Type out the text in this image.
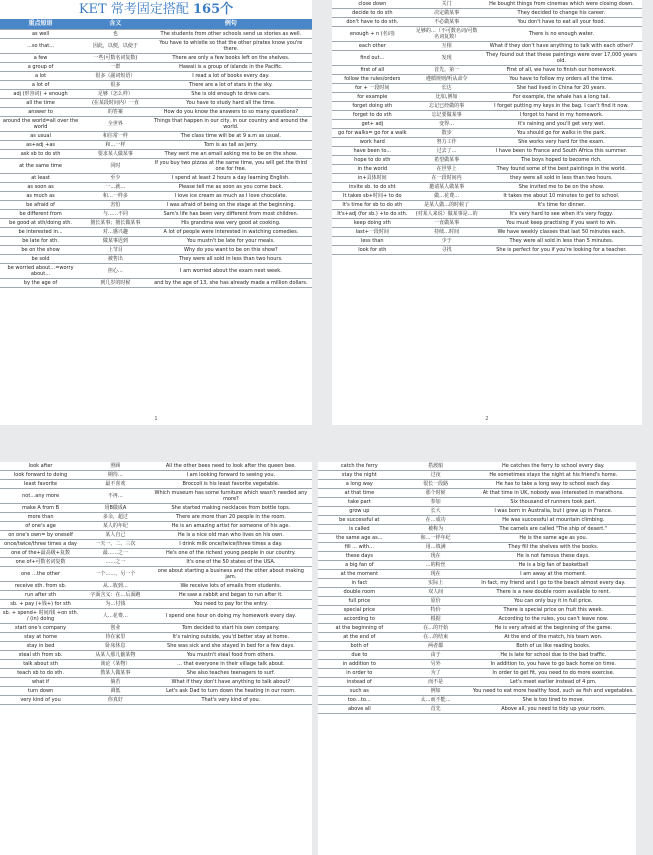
KET 常考固定搭配 165个
重点短语	含义	例句
as well	也	The students from other schools send us stories as well.
...so that...	因此，以便，以使于	You have to whistle so that the other pirates know you're there.
a few	一些(可数名词复数)	There are only a few books left on the shelves.
a group of	一群	Hawaii is a group of islands in the Pacific.
a lot	很多（副词短语）	I read a lot of books every day.
a lot of	很多	There are a lot of stars in the sky.
adj (形容词) + enough	足够（怎么样）	She is old enough to drive cars.
all the time	(在某段时间内）一直	You have to study hard all the time.
answer to	的答案	How do you know the answers to so many questions?
around the world=all over the world	全世界	Things that happen in our city, in our country and around the world.
as usual	和往常一样	The class time will be at 9 a.m as usual.
as+adj +as	和…一样	Tom is as tall as Jerry.
ask sb to do sth	要求某人做某事	They sent me an email asking me to be on the show.
at the same time	同时	If you buy two pizzas at the same time, you will get the third one for free.
at least	至少	I spend at least 2 hours a day learning English.
as soon as	一…就…	Please tell me as soon as you come back.
as much as	和…一样多	I love ice cream as much as I love chocolate.
be afraid of	害怕	I was afraid of being on the stage at the beginning.
be different from	与……不同	Sam's life has been very different from most children.
be good at sth/doing sth.	擅长某事；擅长做某事	His grandma was very good at cooking.
be interested in...	对…感兴趣	A lot of people were interested in watching comedies.
be late for sth.	做某事迟到	You mustn't be late for your meals.
be on the show	上节目	Why do you want to be on this show?
be sold	被售出	They were all sold in less than two hours.
be worried about…=worry about…	担心…	I am worried about the exam next week.
by the age of	到几岁的时候	and by the age of 13, she has already made a million dollars.
1
close down	关门	He bought things from cinemas which were closing down.
decide to do sth	决定做某事	They decided to change his career.
don't have to do sth.	不必做某事	You don't have to eat all your food.
enough + n (名词)	足够的…（不可数名词/可数名词复数）	There is no enough water.
each other	互相	What if they don't have anything to talk with each other?
find out...	发现	They found out that these paintings were over 17,000 years old.
first of all	首先，第一	First of all, we have to finish our homework.
follow the rules/orders	遵循规则/听从命令	You have to follow my orders all the time.
for + 一段时间	长达	She had lived in China for 20 years.
for example	比如,例如	For example, the whale has a long tail.
forget doing sth	忘记已经做的事	I forget putting my keys in the bag. I can't find it now.
forget to do sth	忘记要做某事	I forgot to hand in my homework.
get+ adj	变得…	It's raining and you'll get very wet.
go for walks= go for a walk	散步	You should go for walks in the park.
work hard	努力工作	She works very hard for the exam.
have been to...	过去了…	I have been to France and South Africa this summer.
hope to do sth	希望做某事	The boys hoped to become rich.
in the world	在世界上	They found some of the best paintings in the world.
in+具体时间	在一段时间内	they were all sold in less than two hours.
invite sb. to do sht	邀请某人做某事	She invited me to be on the show.
It takes sb+时间+ to do	做…花费…	It takes me about 10 minutes to get to school.
It's time for sb to do sth	是某人做…的时候了	It's time for dinner.
It's+adj (for sb.) +to do sth.	(对某人来说）做某事是…的	It's very hard to see when it's very foggy.
keep doing sth	一直做某事	You must keep practising if you want to win.
last+一段时间	持续…时间	We have weekly classes that last 50 minutes each.
less than	少于	They were all sold in less than 5 minutes.
look for sth	寻找	She is perfect for you if you're looking for a teacher.
2
look after	照顾	All the other bees need to look after the queen bee.
look forward to doing	期待…	I am looking forward to seeing you.
least favorite	最不喜欢	Broccoli is his least favorite vegetable.
not…any more	不再…	Which museum has some furniture which wasn't needed any more?
make A from B	用B做成A	She started making necklaces from bottle tops.
more than	多余，超过	There are more than 20 people in the room.
of one's age	某人的年纪	He is an amazing artist for someone of his age.
on one's own= by oneself	某人自己	He is a nice old man who lives on his own.
once/twice/three times a day	一天一、二、三次	I drink milk once/twice/three times a day.
one of the+最高级+复数	最……之一	He's one of the richest young people in our country.
one of+可数名词复数	……之一	It's one of the 50 states of the USA.
one …the other	一个……，另一个	one about starting a business and the other about making jam.
receive sth. from sb.	从…收到…	We receive lots of emails from students.
run after sth	字面含义：在…后面跑	He saw a rabbit and began to run after it.
sb. + pay (+钱+) for sth	为…付钱	You need to pay for the entry.
sb. + spend+ 时间/钱 +on sth. / (in) doing	人…花费…	I spend one hour on doing my homework every day.
start one's company	创业	Tom decided to start his own company.
stay at home	待在家里	It's raining outside, you'd better stay at home.
stay in bed	卧床休息	She was sick and she stayed in bed for a few days.
steal sth from sb.	从某人那儿偷某物	You mustn't steal food from others.
talk about sth	谈论（某物）	... that everyone in their village talk about.
teach sb to do sth.	教某人做某事	She also teaches teenagers to surf.
what if	倘若	What if they don't have anything to talk about?
turn down	调低	Let's ask Dad to turn down the heating in our room.
very kind of you	你真好	That's very kind of you.
catch the ferry	搭渡船	He catches the ferry to school every day.
stay the night	过夜	He sometimes stays the night at his friend's home.
a long way	很长一段路	He has to take a long way to school each day.
at that time	那个时候	At that time in UK, nobody was interested in marathons.
take part	参加	Six thousand of runners took part.
grow up	长大	I was born in Australia, but I grew up in France.
be successful at	在…成功	He was successful at mountain climbing.
is called	被称为	The camels are called "The ship of desert."
the same age as...	和…一样年纪	He is the same age as you.
fill ... with...	用…填满	They fill the shelves with the books.
these days	现在	He is not famous these days.
a big fan of	…的粉丝	He is a big fan of basketball
at the moment	现在	I am away at the moment.
in fact	实际上	In fact, my friend and I go to the beach almost every day.
double room	双人间	There is a new double room available to rent.
full price	原价	You can only buy it in full price.
special price	特价	There is special price on fruit this week.
according to	根据	According to the rules, you can't leave now.
at the beginning of	在…的开始	He is very afraid at the beginning of the game.
at the end of	在…的结束	At the end of the match, his team won.
both of	两者都	Both of us like reading books.
due to	由于	He is late for school due to the bad traffic.
in addition to	另外	In addition to, you have to go back home on time.
in order to	为了	In order to get fit, you need to do more exercise.
instead of	而不是	Let's meet earlier instead of 4 pm.
such as	例如	You need to eat more healthy food, such as fish and vegetables.
too…to…	太…而不能…	She is too tired to move.
above all	首先	Above all, you need to tidy up your room.
